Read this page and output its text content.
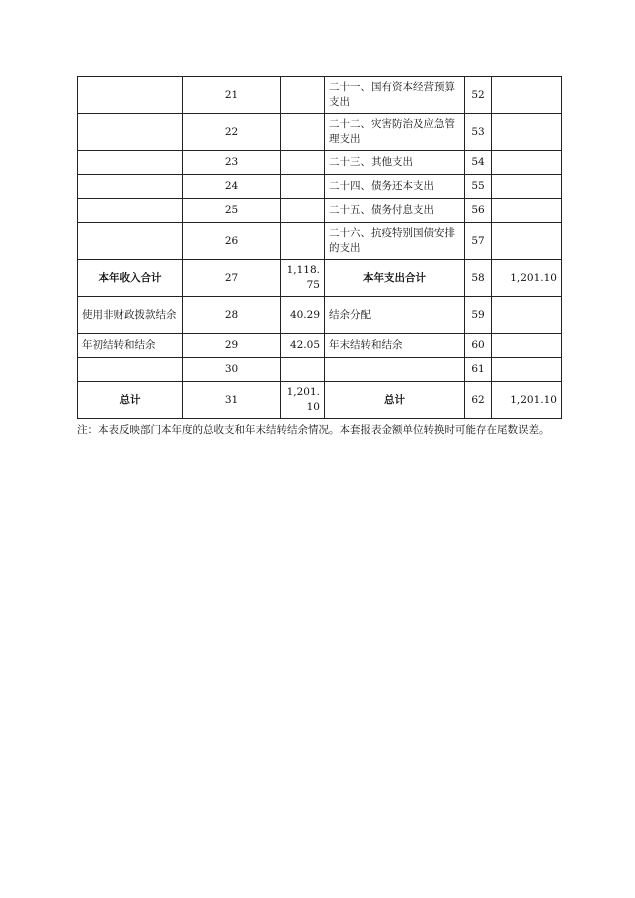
	21		二十一、国有资本经营预算支出	52	
	22		二十二、灾害防治及应急管理支出	53	
	23		二十三、其他支出	54	
	24		二十四、债务还本支出	55	
	25		二十五、债务付息支出	56	
	26		二十六、抗疫特别国债安排的支出	57	
本年收入合计	27	1,118.75	本年支出合计	58	1,201.10
使用非财政拨款结余	28	40.29	结余分配	59	
年初结转和结余	29	42.05	年末结转和结余	60	
	30			61	
总计	31	1,201.10	总计	62	1,201.10
注：本表反映部门本年度的总收支和年末结转结余情况。本套报表金额单位转换时可能存在尾数误差。
